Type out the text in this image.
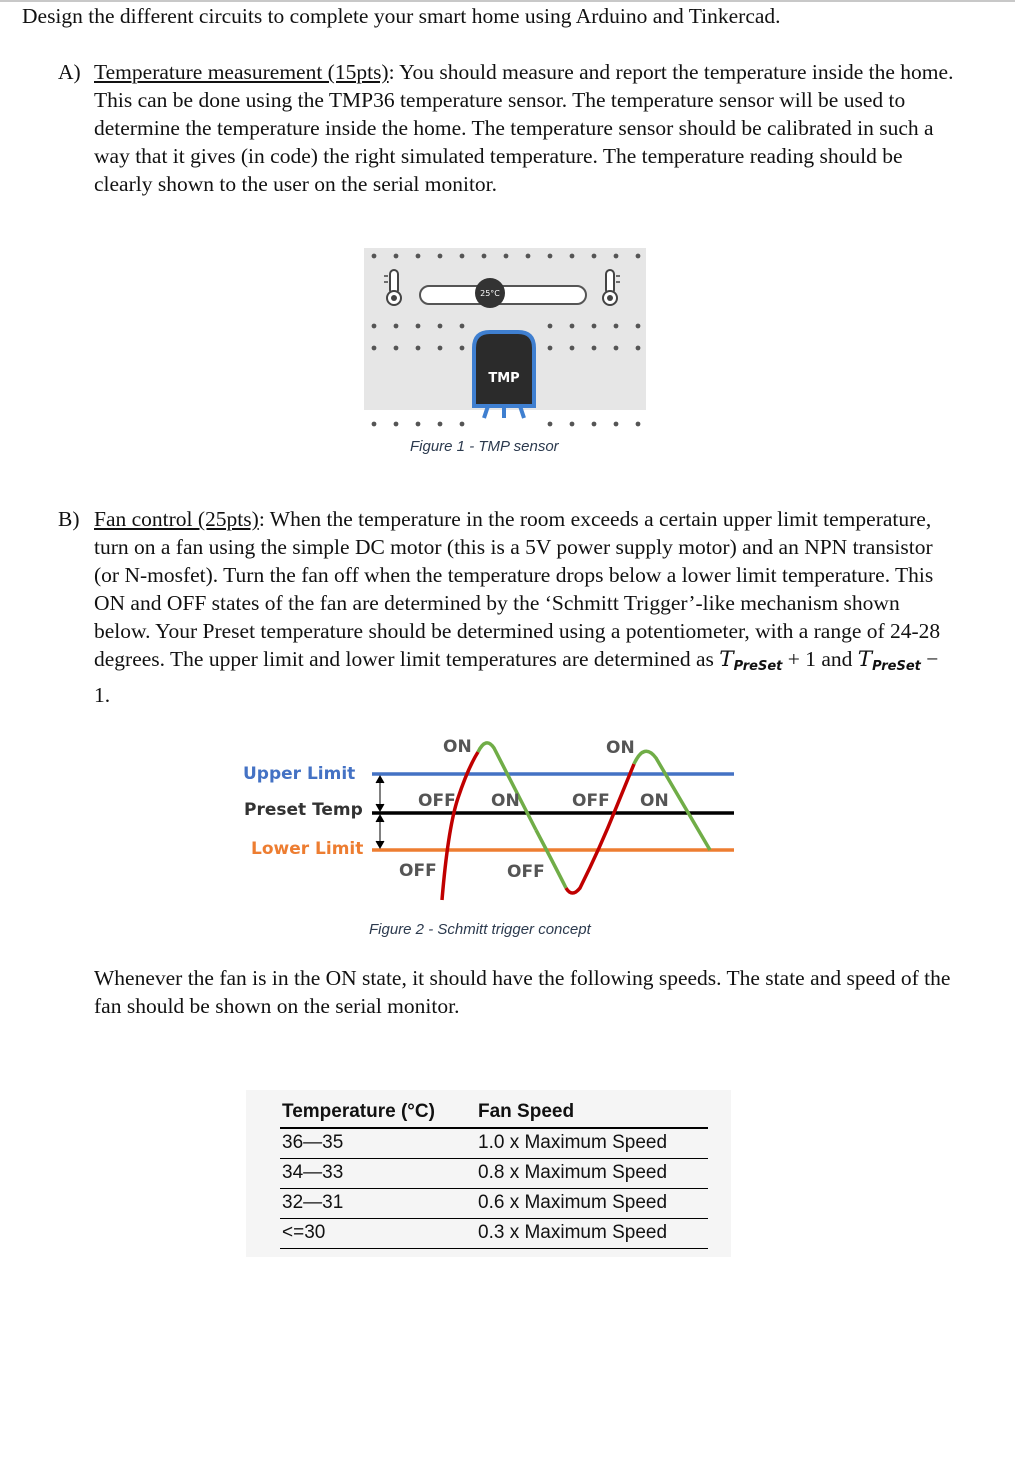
Design the different circuits to complete your smart home using Arduino and Tinkercad.
A) Temperature measurement (15pts): You should measure and report the temperature inside the home. This can be done using the TMP36 temperature sensor. The temperature sensor will be used to determine the temperature inside the home. The temperature sensor should be calibrated in such a way that it gives (in code) the right simulated temperature. The temperature reading should be clearly shown to the user on the serial monitor.
25°C
TMP
Figure 1 - TMP sensor
B) Fan control (25pts): When the temperature in the room exceeds a certain upper limit temperature, turn on a fan using the simple DC motor (this is a 5V power supply motor) and an NPN transistor (or N-mosfet). Turn the fan off when the temperature drops below a lower limit temperature. This ON and OFF states of the fan are determined by the ‘Schmitt Trigger’-like mechanism shown below. Your Preset temperature should be determined using a potentiometer, with a range of 24-28 degrees. The upper limit and lower limit temperatures are determined as $T_{PreSet} + 1$ and $T_{PreSet} - 1$.
Upper Limit
Preset Temp
Lower Limit
ON	ON
ON	ON
OFF	OFF
OFF	OFF
Figure 2 - Schmitt trigger concept
Whenever the fan is in the ON state, it should have the following speeds. The state and speed of the fan should be shown on the serial monitor.
Temperature (°C)	Fan Speed
36—35	1.0 x Maximum Speed
34—33	0.8 x Maximum Speed
32—31	0.6 x Maximum Speed
<=30	0.3 x Maximum Speed
